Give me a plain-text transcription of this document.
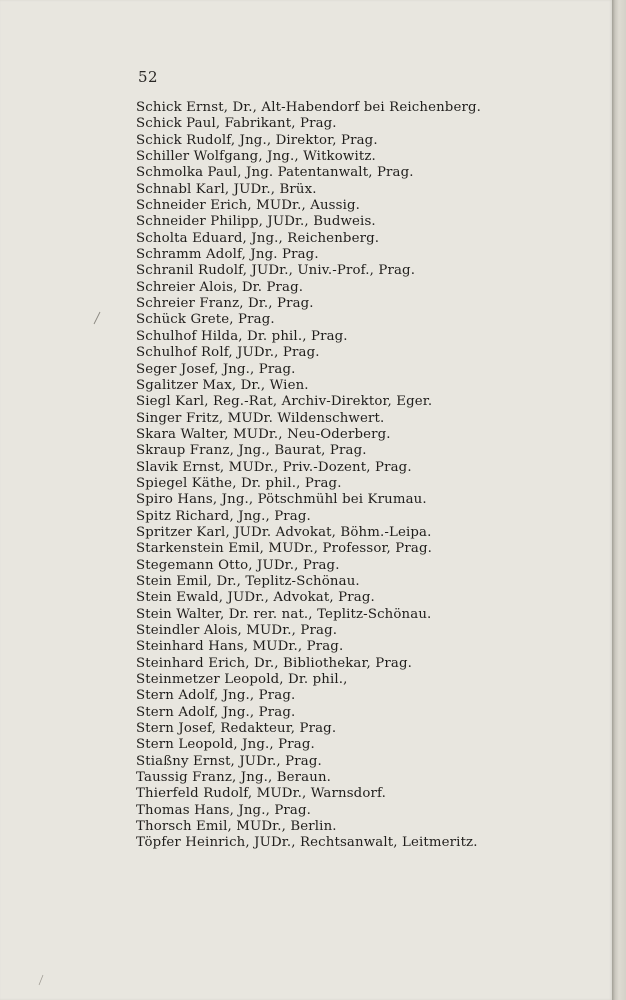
52
Schick Ernst, Dr., Alt-Habendorf bei Reichenberg.
Schick Paul, Fabrikant, Prag.
Schick Rudolf, Jng., Direktor, Prag.
Schiller Wolfgang, Jng., Witkowitz.
Schmolka Paul, Jng. Patentanwalt, Prag.
Schnabl Karl, JUDr., Brüx.
Schneider Erich, MUDr., Aussig.
Schneider Philipp, JUDr., Budweis.
Scholta Eduard, Jng., Reichenberg.
Schramm Adolf, Jng. Prag.
Schranil Rudolf, JUDr., Univ.-Prof., Prag.
Schreier Alois, Dr. Prag.
Schreier Franz, Dr., Prag.
Schück Grete, Prag.
Schulhof Hilda, Dr. phil., Prag.
Schulhof Rolf, JUDr., Prag.
Seger Josef, Jng., Prag.
Sgalitzer Max, Dr., Wien.
Siegl Karl, Reg.-Rat, Archiv-Direktor, Eger.
Singer Fritz, MUDr. Wildenschwert.
Skara Walter, MUDr., Neu-Oderberg.
Skraup Franz, Jng., Baurat, Prag.
Slavik Ernst, MUDr., Priv.-Dozent, Prag.
Spiegel Käthe, Dr. phil., Prag.
Spiro Hans, Jng., Pötschmühl bei Krumau.
Spitz Richard, Jng., Prag.
Spritzer Karl, JUDr. Advokat, Böhm.-Leipa.
Starkenstein Emil, MUDr., Professor, Prag.
Stegemann Otto, JUDr., Prag.
Stein Emil, Dr., Teplitz-Schönau.
Stein Ewald, JUDr., Advokat, Prag.
Stein Walter, Dr. rer. nat., Teplitz-Schönau.
Steindler Alois, MUDr., Prag.
Steinhard Hans, MUDr., Prag.
Steinhard Erich, Dr., Bibliothekar, Prag.
Steinmetzer Leopold, Dr. phil.,
Stern Adolf, Jng., Prag.
Stern Adolf, Jng., Prag.
Stern Josef, Redakteur, Prag.
Stern Leopold, Jng., Prag.
Stiaßny Ernst, JUDr., Prag.
Taussig Franz, Jng., Beraun.
Thierfeld Rudolf, MUDr., Warnsdorf.
Thomas Hans, Jng., Prag.
Thorsch Emil, MUDr., Berlin.
Töpfer Heinrich, JUDr., Rechtsanwalt, Leitmeritz.
